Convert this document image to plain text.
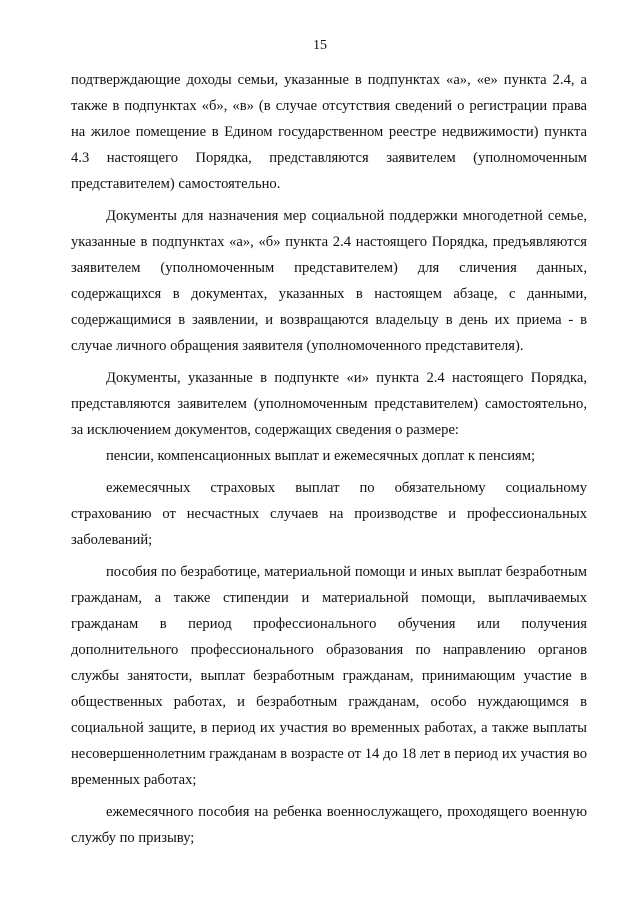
15

подтверждающие доходы семьи, указанные в подпунктах «а», «е» пункта 2.4, а также в подпунктах «б», «в» (в случае отсутствия сведений о регистрации права на жилое помещение в Едином государственном реестре недвижимости) пункта 4.3 настоящего Порядка, представляются заявителем (уполномоченным представителем) самостоятельно.

Документы для назначения мер социальной поддержки многодетной семье, указанные в подпунктах «а», «б» пункта 2.4 настоящего Порядка, предъявляются заявителем (уполномоченным представителем) для сличения данных, содержащихся в документах, указанных в настоящем абзаце, с данными, содержащимися в заявлении, и возвращаются владельцу в день их приема - в случае личного обращения заявителя (уполномоченного представителя).

Документы, указанные в подпункте «и» пункта 2.4 настоящего Порядка, представляются заявителем (уполномоченным представителем) самостоятельно, за исключением документов, содержащих сведения о размере:

пенсии, компенсационных выплат и ежемесячных доплат к пенсиям;

ежемесячных страховых выплат по обязательному социальному страхованию от несчастных случаев на производстве и профессиональных заболеваний;

пособия по безработице, материальной помощи и иных выплат безработным гражданам, а также стипендии и материальной помощи, выплачиваемых гражданам в период профессионального обучения или получения дополнительного профессионального образования по направлению органов службы занятости, выплат безработным гражданам, принимающим участие в общественных работах, и безработным гражданам, особо нуждающимся в социальной защите, в период их участия во временных работах, а также выплаты несовершеннолетним гражданам в возрасте от 14 до 18 лет в период их участия во временных работах;

ежемесячного пособия на ребенка военнослужащего, проходящего военную службу по призыву;
